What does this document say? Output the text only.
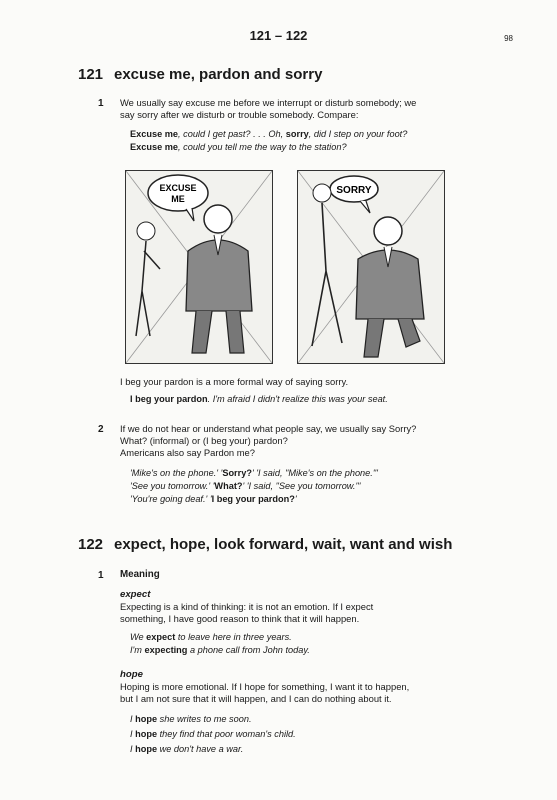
121 – 122	98
121 excuse me, pardon and sorry
1 We usually say excuse me before we interrupt or disturb somebody; we
say sorry after we disturb or trouble somebody. Compare:
Excuse me, could I get past? . . . Oh, sorry, did I step on your foot?
Excuse me, could you tell me the way to the station?
EXCUSE
ME
SORRY
I beg your pardon is a more formal way of saying sorry.
I beg your pardon. I'm afraid I didn't realize this was your seat.
2 If we do not hear or understand what people say, we usually say Sorry?
What? (informal) or (I beg your) pardon?
Americans also say Pardon me?
'Mike's on the phone.' 'Sorry?' 'I said, "Mike's on the phone."'
'See you tomorrow.' 'What?' 'I said, "See you tomorrow."'
'You're going deaf.' 'I beg your pardon?'
122 expect, hope, look forward, wait, want and wish
1 Meaning
expect
Expecting is a kind of thinking: it is not an emotion. If I expect
something, I have good reason to think that it will happen.
We expect to leave here in three years.
I'm expecting a phone call from John today.
hope
Hoping is more emotional. If I hope for something, I want it to happen,
but I am not sure that it will happen, and I can do nothing about it.
I hope she writes to me soon.
I hope they find that poor woman's child.
I hope we don't have a war.
